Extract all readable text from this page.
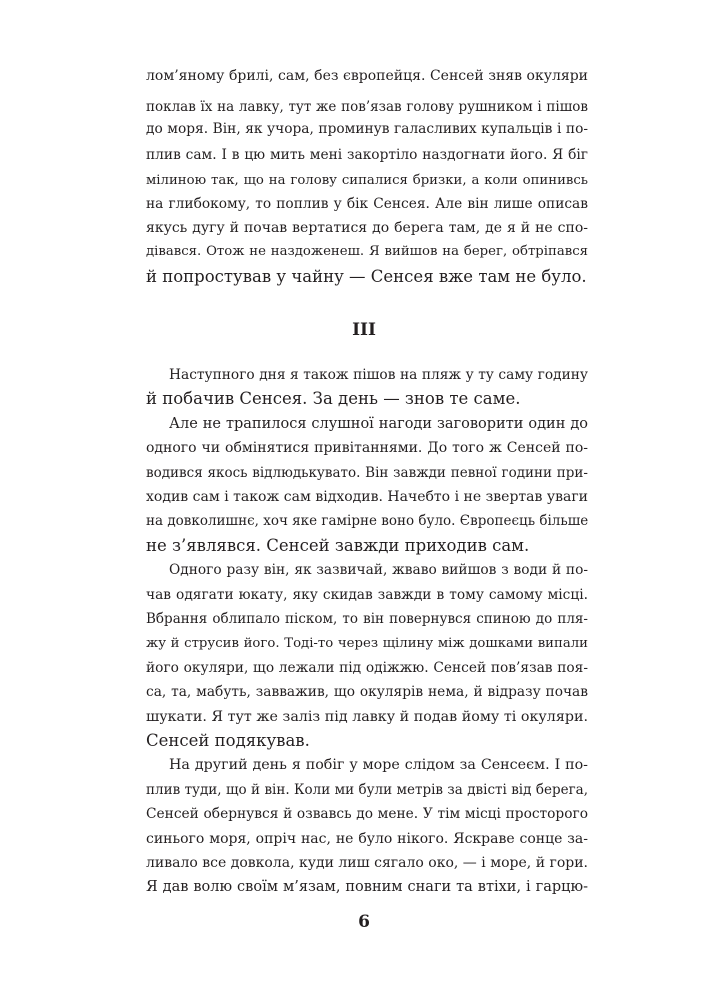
лом’яному брилі, сам, без європейця. Сенсей зняв окуляри
поклав їх на лавку, тут же пов’язав голову рушником і пішов
до моря. Він, як учора, проминув галасливих купальців і по-
плив сам. І в цю мить мені закортіло наздогнати його. Я біг
мілиною так, що на голову сипалися бризки, а коли опинивсь
на глибокому, то поплив у бік Сенсея. Але він лише описав
якусь дугу й почав вертатися до берега там, де я й не спо-
дівався. Отож не наздоженеш. Я вийшов на берег, обтріпався
й попростував у чайну — Сенсея вже там не було.
III
Наступного дня я також пішов на пляж у ту саму годину
й побачив Сенсея. За день — знов те саме.
Але не трапилося слушної нагоди заговорити один до
одного чи обмінятися привітаннями. До того ж Сенсей по-
водився якось відлюдькувато. Він завжди певної години при-
ходив сам і також сам відходив. Начебто і не звертав уваги
на довколишнє, хоч яке гамірне воно було. Європеєць більше
не з’являвся. Сенсей завжди приходив сам.
Одного разу він, як зазвичай, жваво вийшов з води й по-
чав одягати юкату, яку скидав завжди в тому самому місці.
Вбрання облипало піском, то він повернувся спиною до пля-
жу й струсив його. Тоді-то через щілину між дошками випали
його окуляри, що лежали під одіжжю. Сенсей пов’язав поя-
са, та, мабуть, завважив, що окулярів нема, й відразу почав
шукати. Я тут же заліз під лавку й подав йому ті окуляри.
Сенсей подякував.
На другий день я побіг у море слідом за Сенсеєм. І по-
плив туди, що й він. Коли ми були метрів за двісті від берега,
Сенсей обернувся й озвавсь до мене. У тім місці просторого
синього моря, опріч нас, не було нікого. Яскраве сонце за-
ливало все довкола, куди лиш сягало око, — і море, й гори.
Я дав волю своїм м’язам, повним снаги та втіхи, і гарцю-
6
